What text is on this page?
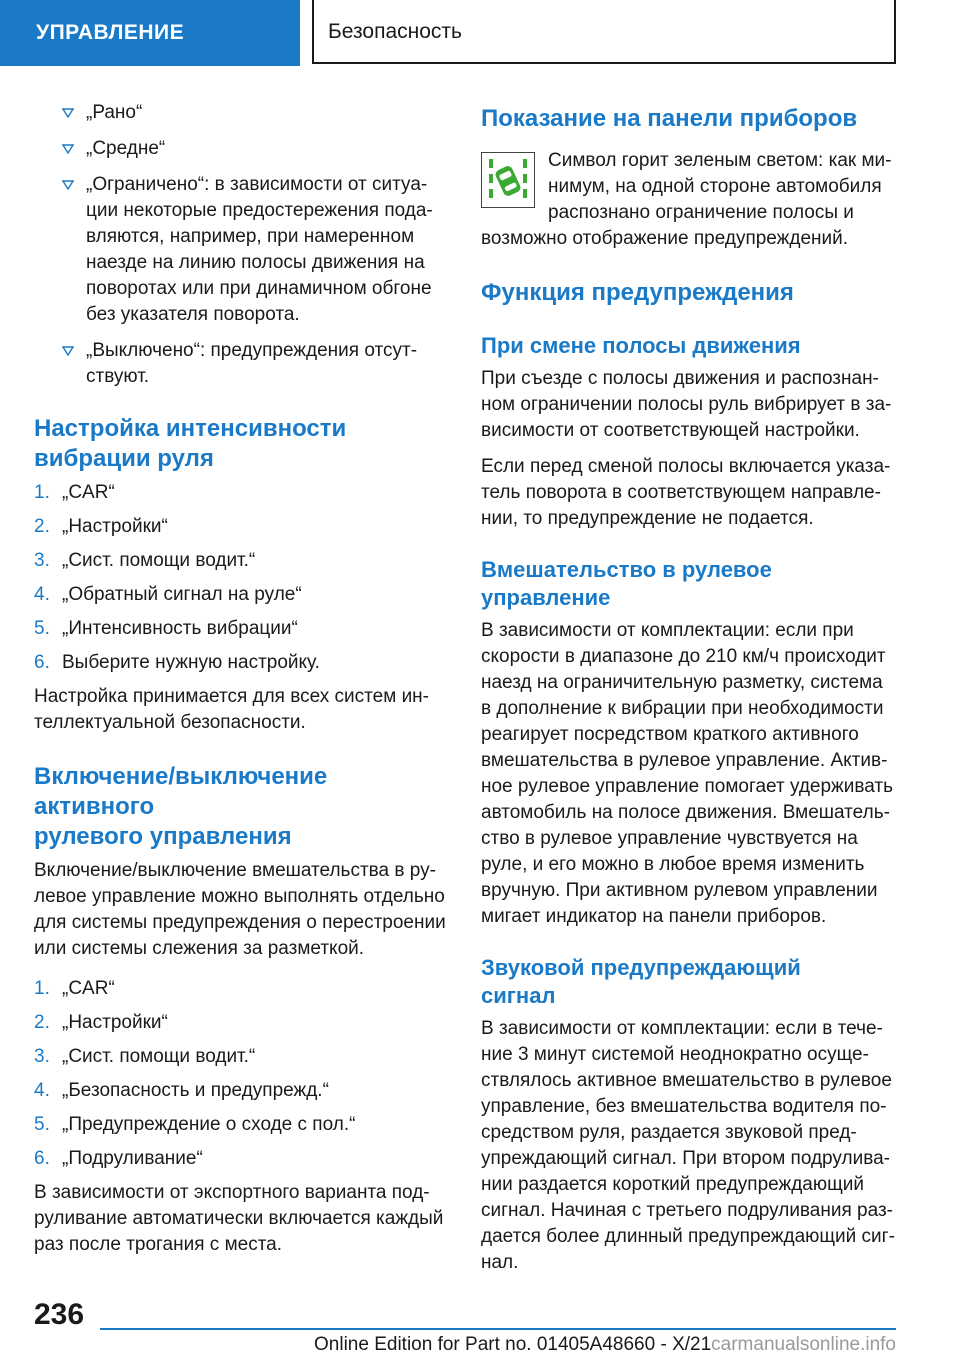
УПРАВЛЕНИЕ	Безопасность
„Рано“
„Средне“
„Ограничено“: в зависимости от ситуа-
ции некоторые предостережения пода-
вляются, например, при намеренном
наезде на линию полосы движения на
поворотах или при динамичном обгоне
без указателя поворота.
„Выключено“: предупреждения отсут-
ствуют.
Настройка интенсивности
вибрации руля
1. „CAR“
2. „Настройки“
3. „Сист. помощи водит.“
4. „Обратный сигнал на руле“
5. „Интенсивность вибрации“
6. Выберите нужную настройку.

Настройка принимается для всех систем ин-
теллектуальной безопасности.

Включение/выключение активного
рулевого управления

Включение/выключение вмешательства в ру-
левое управление можно выполнять отдельно
для системы предупреждения о перестроении
или системы слежения за разметкой.

1. „CAR“
2. „Настройки“
3. „Сист. помощи водит.“
4. „Безопасность и предупрежд.“
5. „Предупреждение о сходе с пол.“
6. „Подруливание“

В зависимости от экспортного варианта под-
руливание автоматически включается каждый
раз после трогания с места.

Показание на панели приборов

Символ горит зеленым светом: как ми-
нимум, на одной стороне автомобиля
распознано ограничение полосы и

возможно отображение предупреждений.

Функция предупреждения
При смене полосы движения

При съезде с полосы движения и распознан-
ном ограничении полосы руль вибрирует в за-
висимости от соответствующей настройки.

Если перед сменой полосы включается указа-
тель поворота в соответствующем направле-
нии, то предупреждение не подается.

Вмешательство в рулевое
управление

В зависимости от комплектации: если при
скорости в диапазоне до 210 км/ч происходит
наезд на ограничительную разметку, система
в дополнение к вибрации при необходимости
реагирует посредством краткого активного
вмешательства в рулевое управление. Актив-
ное рулевое управление помогает удерживать
автомобиль на полосе движения. Вмешатель-
ство в рулевое управление чувствуется на
руле, и его можно в любое время изменить
вручную. При активном рулевом управлении
мигает индикатор на панели приборов.

Звуковой предупреждающий
сигнал

В зависимости от комплектации: если в тече-
ние 3 минут системой неоднократно осуще-
ствлялось активное вмешательство в рулевое
управление, без вмешательства водителя по-
средством руля, раздается звуковой пред-
упреждающий сигнал. При втором подрулива-
нии раздается короткий предупреждающий
сигнал. Начиная с третьего подруливания раз-
дается более длинный предупреждающий сиг-
нал.

236
Online Edition for Part no. 01405A48660 - X/21carmanualsonline.info
